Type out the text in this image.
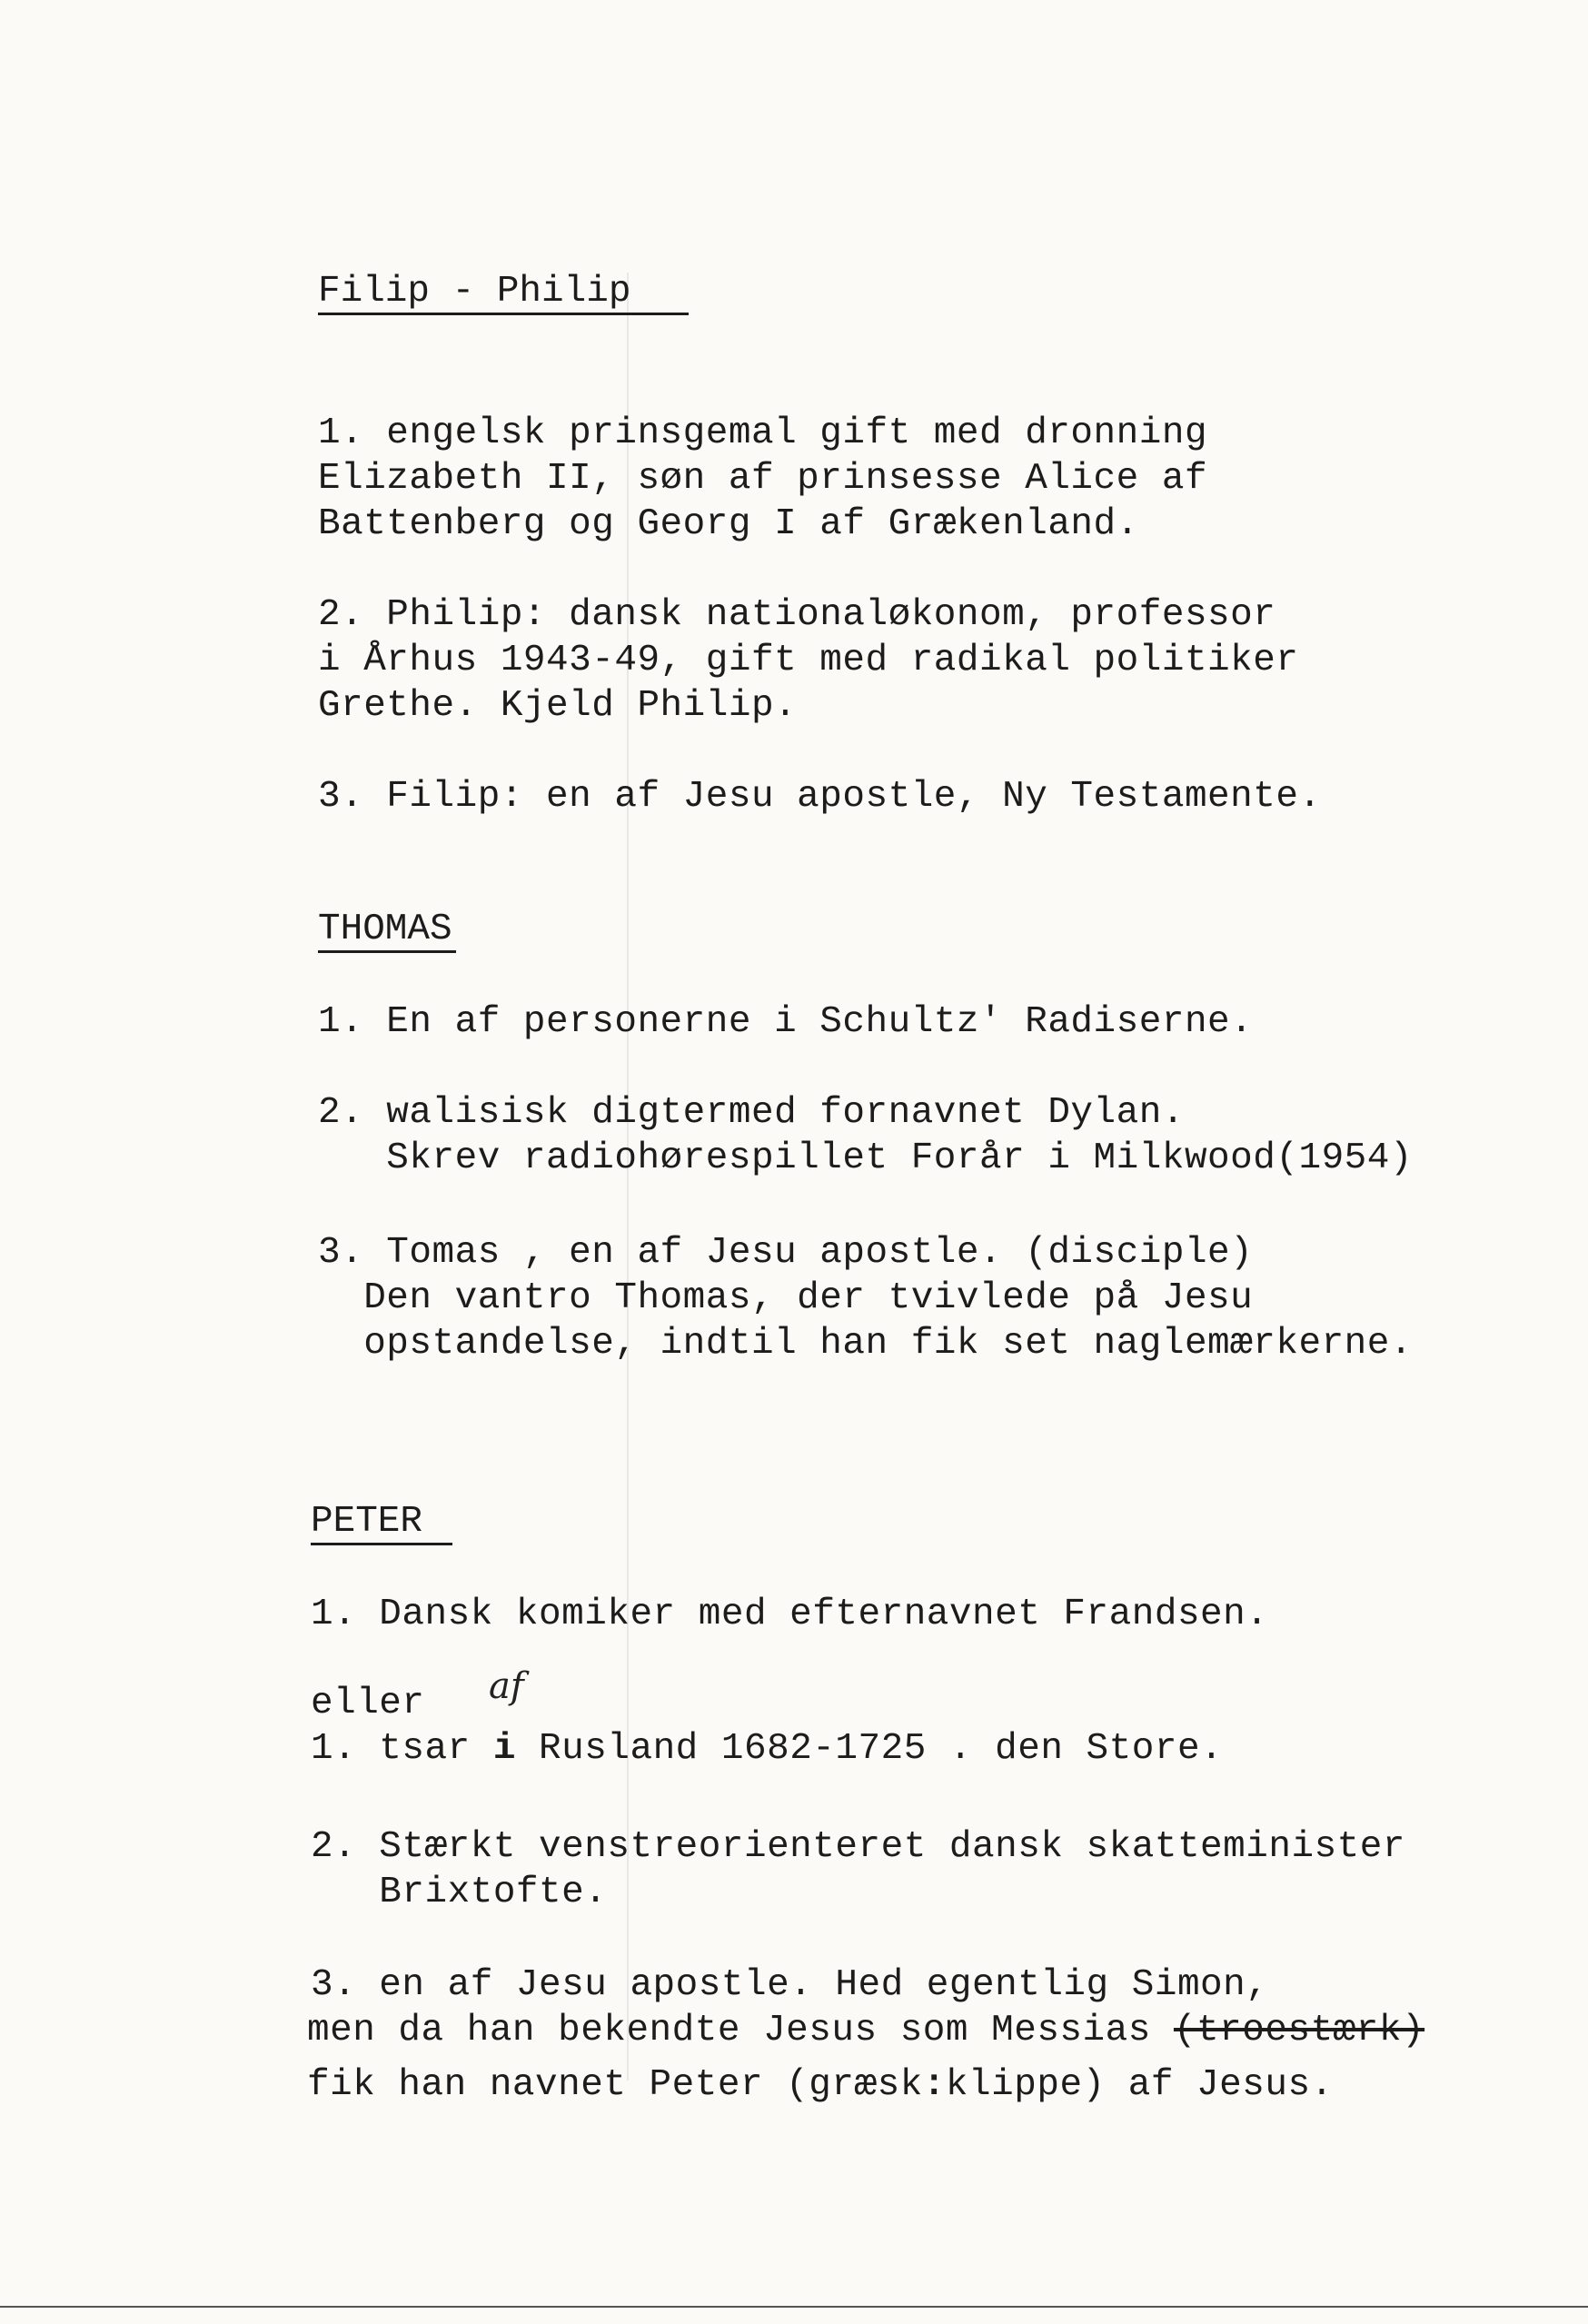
Filip - Philip
1. engelsk prinsgemal gift med dronning
Elizabeth II, søn af prinsesse Alice af
Battenberg og Georg I af Grækenland.
2. Philip: dansk nationaløkonom, professor
i Århus 1943-49, gift med radikal politiker
Grethe. Kjeld Philip.
3. Filip: en af Jesu apostle, Ny Testamente.
THOMAS
1. En af personerne i Schultz' Radiserne.
2. walisisk digtermed fornavnet Dylan.
Skrev radiohørespillet Forår i Milkwood(1954)
3. Tomas , en af Jesu apostle. (disciple)
Den vantro Thomas, der tvivlede på Jesu
opstandelse, indtil han fik set naglemærkerne.
PETER
1. Dansk komiker med efternavnet Frandsen.
eller af
1. tsar i Rusland 1682-1725 . den Store.
2. Stærkt venstreorienteret dansk skatteminister
Brixtofte.
3. en af Jesu apostle. Hed egentlig Simon,
men da han bekendte Jesus som Messias (troestærk)
fik han navnet Peter (græsk:klippe) af Jesus.
